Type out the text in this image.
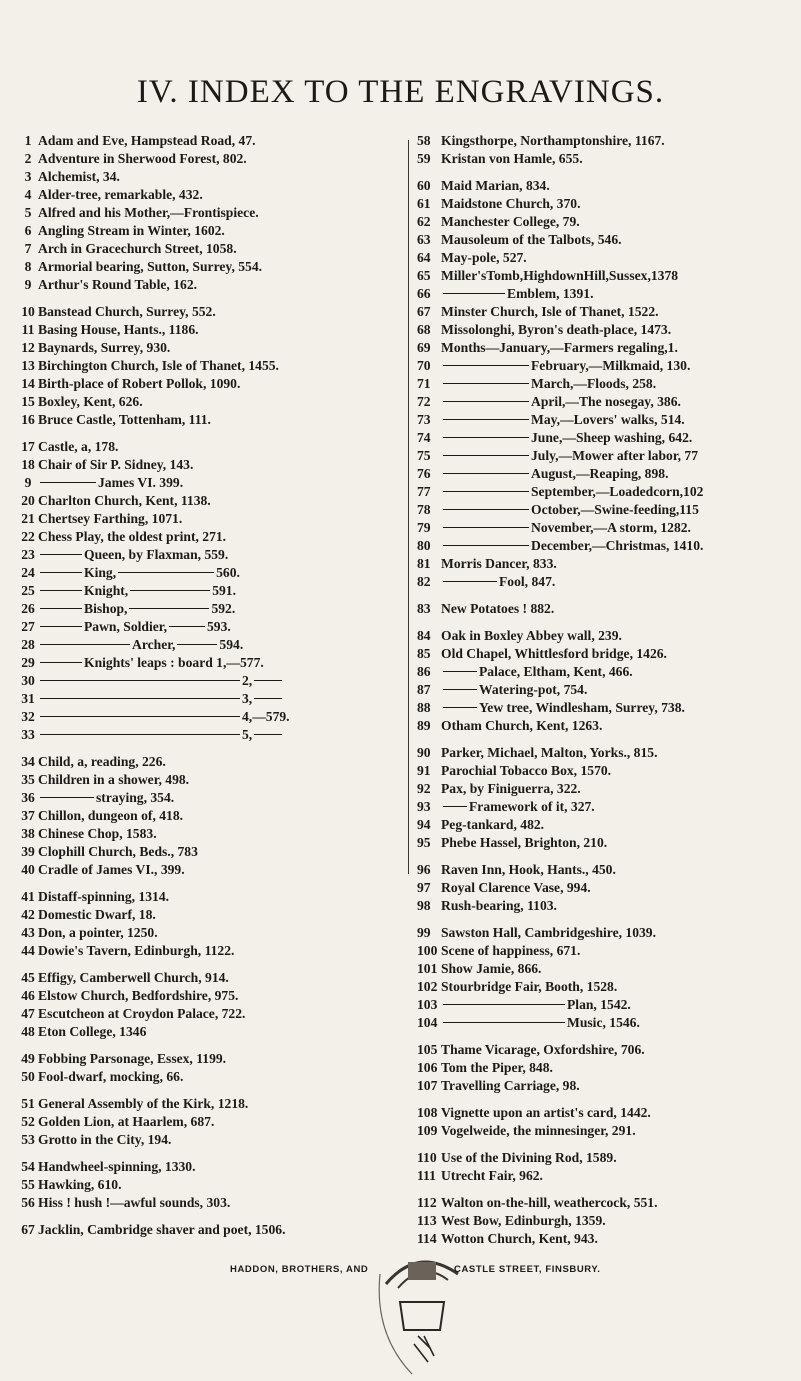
IV. INDEX TO THE ENGRAVINGS.
1 Adam and Eve, Hampstead Road, 47.
2 Adventure in Sherwood Forest, 802.
3 Alchemist, 34.
4 Alder-tree, remarkable, 432.
5 Alfred and his Mother,—Frontispiece.
6 Angling Stream in Winter, 1602.
7 Arch in Gracechurch Street, 1058.
8 Armorial bearing, Sutton, Surrey, 554.
9 Arthur's Round Table, 162.
10 Banstead Church, Surrey, 552.
11 Basing House, Hants., 1186.
12 Baynards, Surrey, 930.
13 Birchington Church, Isle of Thanet, 1455.
14 Birth-place of Robert Pollok, 1090.
15 Boxley, Kent, 626.
16 Bruce Castle, Tottenham, 111.
17 Castle, a, 178.
18 Chair of Sir P. Sidney, 143.
9	James VI. 399.
20 Charlton Church, Kent, 1138.
21 Chertsey Farthing, 1071.
22 Chess Play, the oldest print, 271.
23	Queen, by Flaxman, 559.
24	King,	560.
25	Knight,	591.
26	Bishop,	592.
27	Pawn, Soldier,	593.
28	Archer,	594.
29	Knights' leaps : board 1,—577.
30	2,
31	3,
32	4,—579.
33	5,
34 Child, a, reading, 226.
35 Children in a shower, 498.
36	straying, 354.
37 Chillon, dungeon of, 418.
38 Chinese Chop, 1583.
39 Clophill Church, Beds., 783
40 Cradle of James VI., 399.
41 Distaff-spinning, 1314.
42 Domestic Dwarf, 18.
43 Don, a pointer, 1250.
44 Dowie's Tavern, Edinburgh, 1122.
45 Effigy, Camberwell Church, 914.
46 Elstow Church, Bedfordshire, 975.
47 Escutcheon at Croydon Palace, 722.
48 Eton College, 1346
49 Fobbing Parsonage, Essex, 1199.
50 Fool-dwarf, mocking, 66.
51 General Assembly of the Kirk, 1218.
52 Golden Lion, at Haarlem, 687.
53 Grotto in the City, 194.
54 Handwheel-spinning, 1330.
55 Hawking, 610.
56 Hiss ! hush !—awful sounds, 303.
67 Jacklin, Cambridge shaver and poet, 1506.
58 Kingsthorpe, Northamptonshire, 1167.
59 Kristan von Hamle, 655.
60 Maid Marian, 834.
61 Maidstone Church, 370.
62 Manchester College, 79.
63 Mausoleum of the Talbots, 546.
64 May-pole, 527.
65 Miller'sTomb,HighdownHill,Sussex,1378
66	Emblem, 1391.
67 Minster Church, Isle of Thanet, 1522.
68 Missolonghi, Byron's death-place, 1473.
69 Months—January,—Farmers regaling,1.
70	February,—Milkmaid, 130.
71	March,—Floods, 258.
72	April,—The nosegay, 386.
73	May,—Lovers' walks, 514.
74	June,—Sheep washing, 642.
75	July,—Mower after labor, 77
76	August,—Reaping, 898.
77	September,—Loadedcorn,102
78	October,—Swine-feeding,115
79	November,—A storm, 1282.
80	December,—Christmas, 1410.
81 Morris Dancer, 833.
82	Fool, 847.
83 New Potatoes ! 882.
84 Oak in Boxley Abbey wall, 239.
85 Old Chapel, Whittlesford bridge, 1426.
86	Palace, Eltham, Kent, 466.
87	Watering-pot, 754.
88	Yew tree, Windlesham, Surrey, 738.
89 Otham Church, Kent, 1263.
90 Parker, Michael, Malton, Yorks., 815.
91 Parochial Tobacco Box, 1570.
92 Pax, by Finiguerra, 322.
93	Framework of it, 327.
94 Peg-tankard, 482.
95 Phebe Hassel, Brighton, 210.
96 Raven Inn, Hook, Hants., 450.
97 Royal Clarence Vase, 994.
98 Rush-bearing, 1103.
99 Sawston Hall, Cambridgeshire, 1039.
100 Scene of happiness, 671.
101 Show Jamie, 866.
102 Stourbridge Fair, Booth, 1528.
103	Plan, 1542.
104	Music, 1546.
105 Thame Vicarage, Oxfordshire, 706.
106 Tom the Piper, 848.
107 Travelling Carriage, 98.
108 Vignette upon an artist's card, 1442.
109 Vogelweide, the minnesinger, 291.
110 Use of the Divining Rod, 1589.
111 Utrecht Fair, 962.
112 Walton on-the-hill, weathercock, 551.
113 West Bow, Edinburgh, 1359.
114 Wotton Church, Kent, 943.
HADDON, BROTHERS, AND	CASTLE STREET, FINSBURY.
